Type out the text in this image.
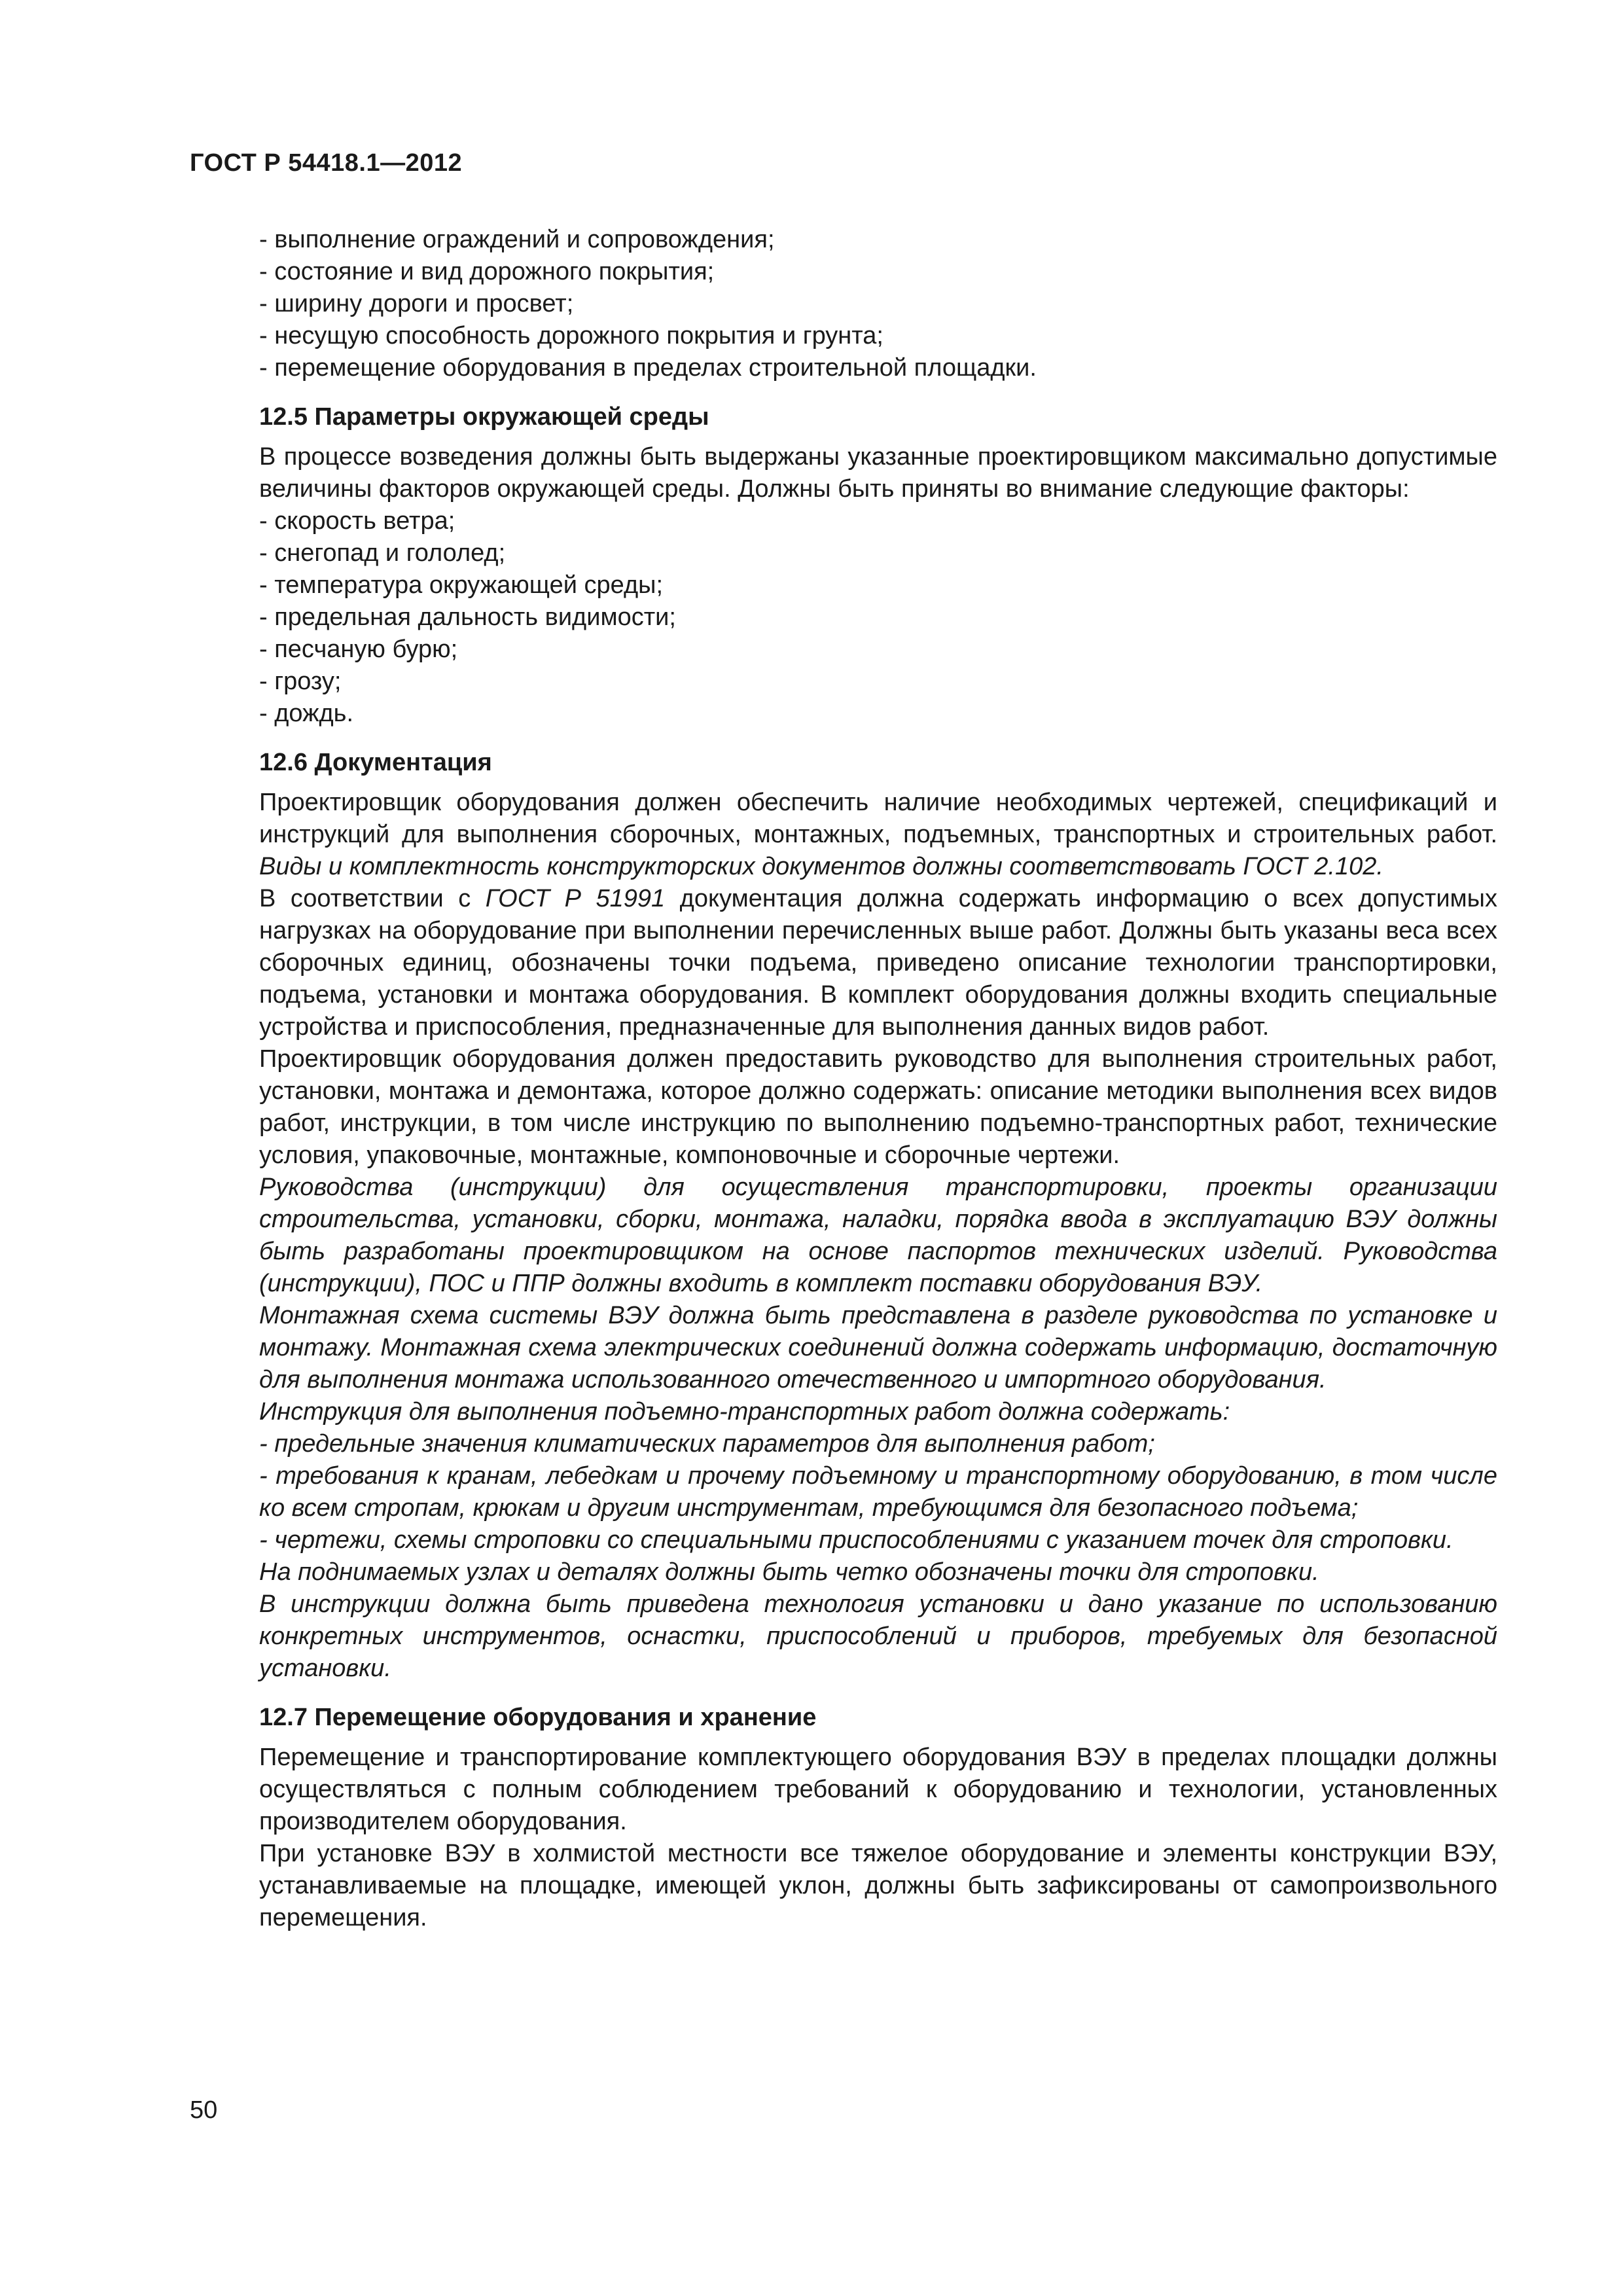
ГОСТ Р 54418.1—2012

- выполнение ограждений и сопровождения;

- состояние и вид дорожного покрытия;

- ширину дороги и просвет;

- несущую способность дорожного покрытия и грунта;

- перемещение оборудования в пределах строительной площадки.

12.5 Параметры окружающей среды

В процессе возведения должны быть выдержаны указанные проектировщиком максимально допустимые величины факторов окружающей среды. Должны быть приняты во внимание следующие факторы:

- скорость ветра;

- снегопад и гололед;

- температура окружающей среды;

- предельная дальность видимости;

- песчаную бурю;

- грозу;

- дождь.

12.6 Документация

Проектировщик оборудования должен обеспечить наличие необходимых чертежей, спецификаций и инструкций для выполнения сборочных, монтажных, подъемных, транспортных и строительных работ. Виды и комплектность конструкторских документов должны соответствовать ГОСТ 2.102.

В соответствии с ГОСТ Р 51991 документация должна содержать информацию о всех допустимых нагрузках на оборудование при выполнении перечисленных выше работ. Должны быть указаны веса всех сборочных единиц, обозначены точки подъема, приведено описание технологии транспортировки, подъема, установки и монтажа оборудования. В комплект оборудования должны входить специальные устройства и приспособления, предназначенные для выполнения данных видов работ.

Проектировщик оборудования должен предоставить руководство для выполнения строительных работ, установки, монтажа и демонтажа, которое должно содержать: описание методики выполнения всех видов работ, инструкции, в том числе инструкцию по выполнению подъемно-транспортных работ, технические условия, упаковочные, монтажные, компоновочные и сборочные чертежи.

Руководства (инструкции) для осуществления транспортировки, проекты организации строительства, установки, сборки, монтажа, наладки, порядка ввода в эксплуатацию ВЭУ должны быть разработаны проектировщиком на основе паспортов технических изделий. Руководства (инструкции), ПОС и ППР должны входить в комплект поставки оборудования ВЭУ.

Монтажная схема системы ВЭУ должна быть представлена в разделе руководства по установке и монтажу. Монтажная схема электрических соединений должна содержать информацию, достаточную для выполнения монтажа использованного отечественного и импортного оборудования.

Инструкция для выполнения подъемно-транспортных работ должна содержать:

- предельные значения климатических параметров для выполнения работ;

- требования к кранам, лебедкам и прочему подъемному и транспортному оборудованию, в том числе ко всем стропам, крюкам и другим инструментам, требующимся для безопасного подъема;

- чертежи, схемы строповки со специальными приспособлениями с указанием точек для строповки.

На поднимаемых узлах и деталях должны быть четко обозначены точки для строповки.

В инструкции должна быть приведена технология установки и дано указание по использованию конкретных инструментов, оснастки, приспособлений и приборов, требуемых для безопасной установки.

12.7 Перемещение оборудования и хранение

Перемещение и транспортирование комплектующего оборудования ВЭУ в пределах площадки должны осуществляться с полным соблюдением требований к оборудованию и технологии, установленных производителем оборудования.

При установке ВЭУ в холмистой местности все тяжелое оборудование и элементы конструкции ВЭУ, устанавливаемые на площадке, имеющей уклон, должны быть зафиксированы от самопроизвольного перемещения.

50
